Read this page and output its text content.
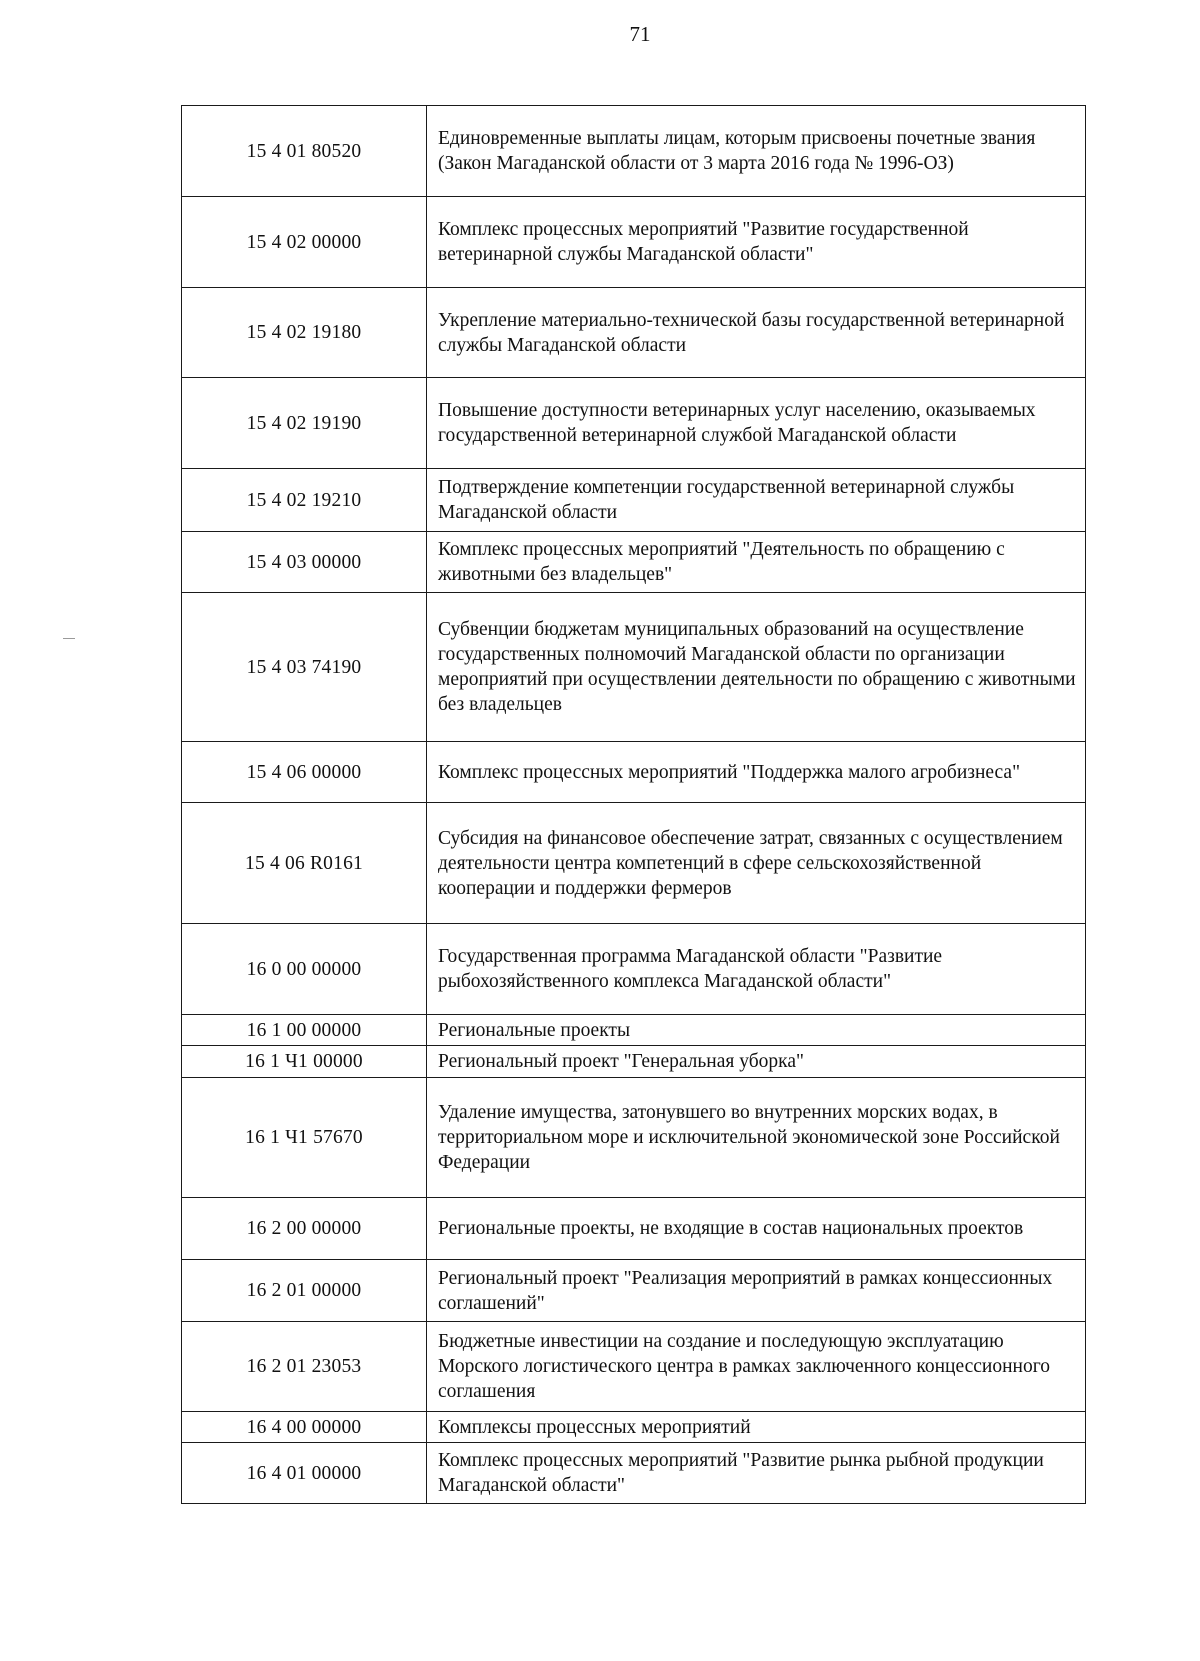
71
15 4 01 80520	Единовременные выплаты лицам, которым присвоены почетные звания (Закон Магаданской области от 3 марта 2016 года № 1996-ОЗ)
15 4 02 00000	Комплекс процессных мероприятий "Развитие государственной ветеринарной службы Магаданской области"
15 4 02 19180	Укрепление материально-технической базы государственной ветеринарной службы Магаданской области
15 4 02 19190	Повышение доступности ветеринарных услуг населению, оказываемых государственной ветеринарной службой Магаданской области
15 4 02 19210	Подтверждение компетенции государственной ветеринарной службы Магаданской области
15 4 03 00000	Комплекс процессных мероприятий "Деятельность по обращению с животными без владельцев"
15 4 03 74190	Субвенции бюджетам муниципальных образований на осуществление государственных полномочий Магаданской области по организации мероприятий при осуществлении деятельности по обращению с животными без владельцев
15 4 06 00000	Комплекс процессных мероприятий "Поддержка малого агробизнеса"
15 4 06 R0161	Субсидия на финансовое обеспечение затрат, связанных с осуществлением деятельности центра компетенций в сфере сельскохозяйственной кооперации и поддержки фермеров
16 0 00 00000	Государственная программа Магаданской области "Развитие рыбохозяйственного комплекса Магаданской области"
16 1 00 00000	Региональные проекты
16 1 Ч1 00000	Региональный проект "Генеральная уборка"
16 1 Ч1 57670	Удаление имущества, затонувшего во внутренних морских водах, в территориальном море и исключительной экономической зоне Российской Федерации
16 2 00 00000	Региональные проекты, не входящие в состав национальных проектов
16 2 01 00000	Региональный проект "Реализация мероприятий в рамках концессионных соглашений"
16 2 01 23053	Бюджетные инвестиции на создание и последующую эксплуатацию Морского логистического центра в рамках заключенного концессионного соглашения
16 4 00 00000	Комплексы процессных мероприятий
16 4 01 00000	Комплекс процессных мероприятий "Развитие рынка рыбной продукции Магаданской области"
